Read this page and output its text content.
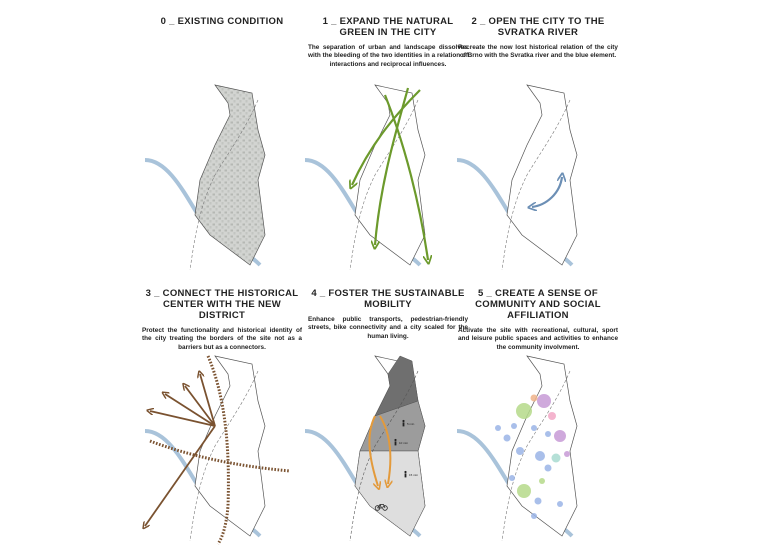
0 _ EXISTING CONDITION	1 _ EXPAND THE NATURAL GREEN IN THE CITY
The separation of urban and landscape dissolves with the bleeding of the two identities in a relation of interactions and reciprocal influences.
2 _ OPEN THE CITY TO THE SVRATKA RIVER
Recreate the now lost historical relation of the city of Brno with the Svratka river and the blue element.
3 _ CONNECT THE HISTORICAL CENTER WITH THE NEW DISTRICT
Protect the functionality and historical identity of the city treating the borders of the site not as a barriers but as a connectors.
4 _ FOSTER THE SUSTAINABLE MOBILITY
Enhance public transports, pedestrian-friendly streets, bike connectivity and a city scaled for the human living.
5 min
10 min
15 min
5 _ CREATE A SENSE OF COMMUNITY AND SOCIAL AFFILIATION
Activate the site with recreational, cultural, sport and leisure public spaces and activities to enhance the community involvment.
